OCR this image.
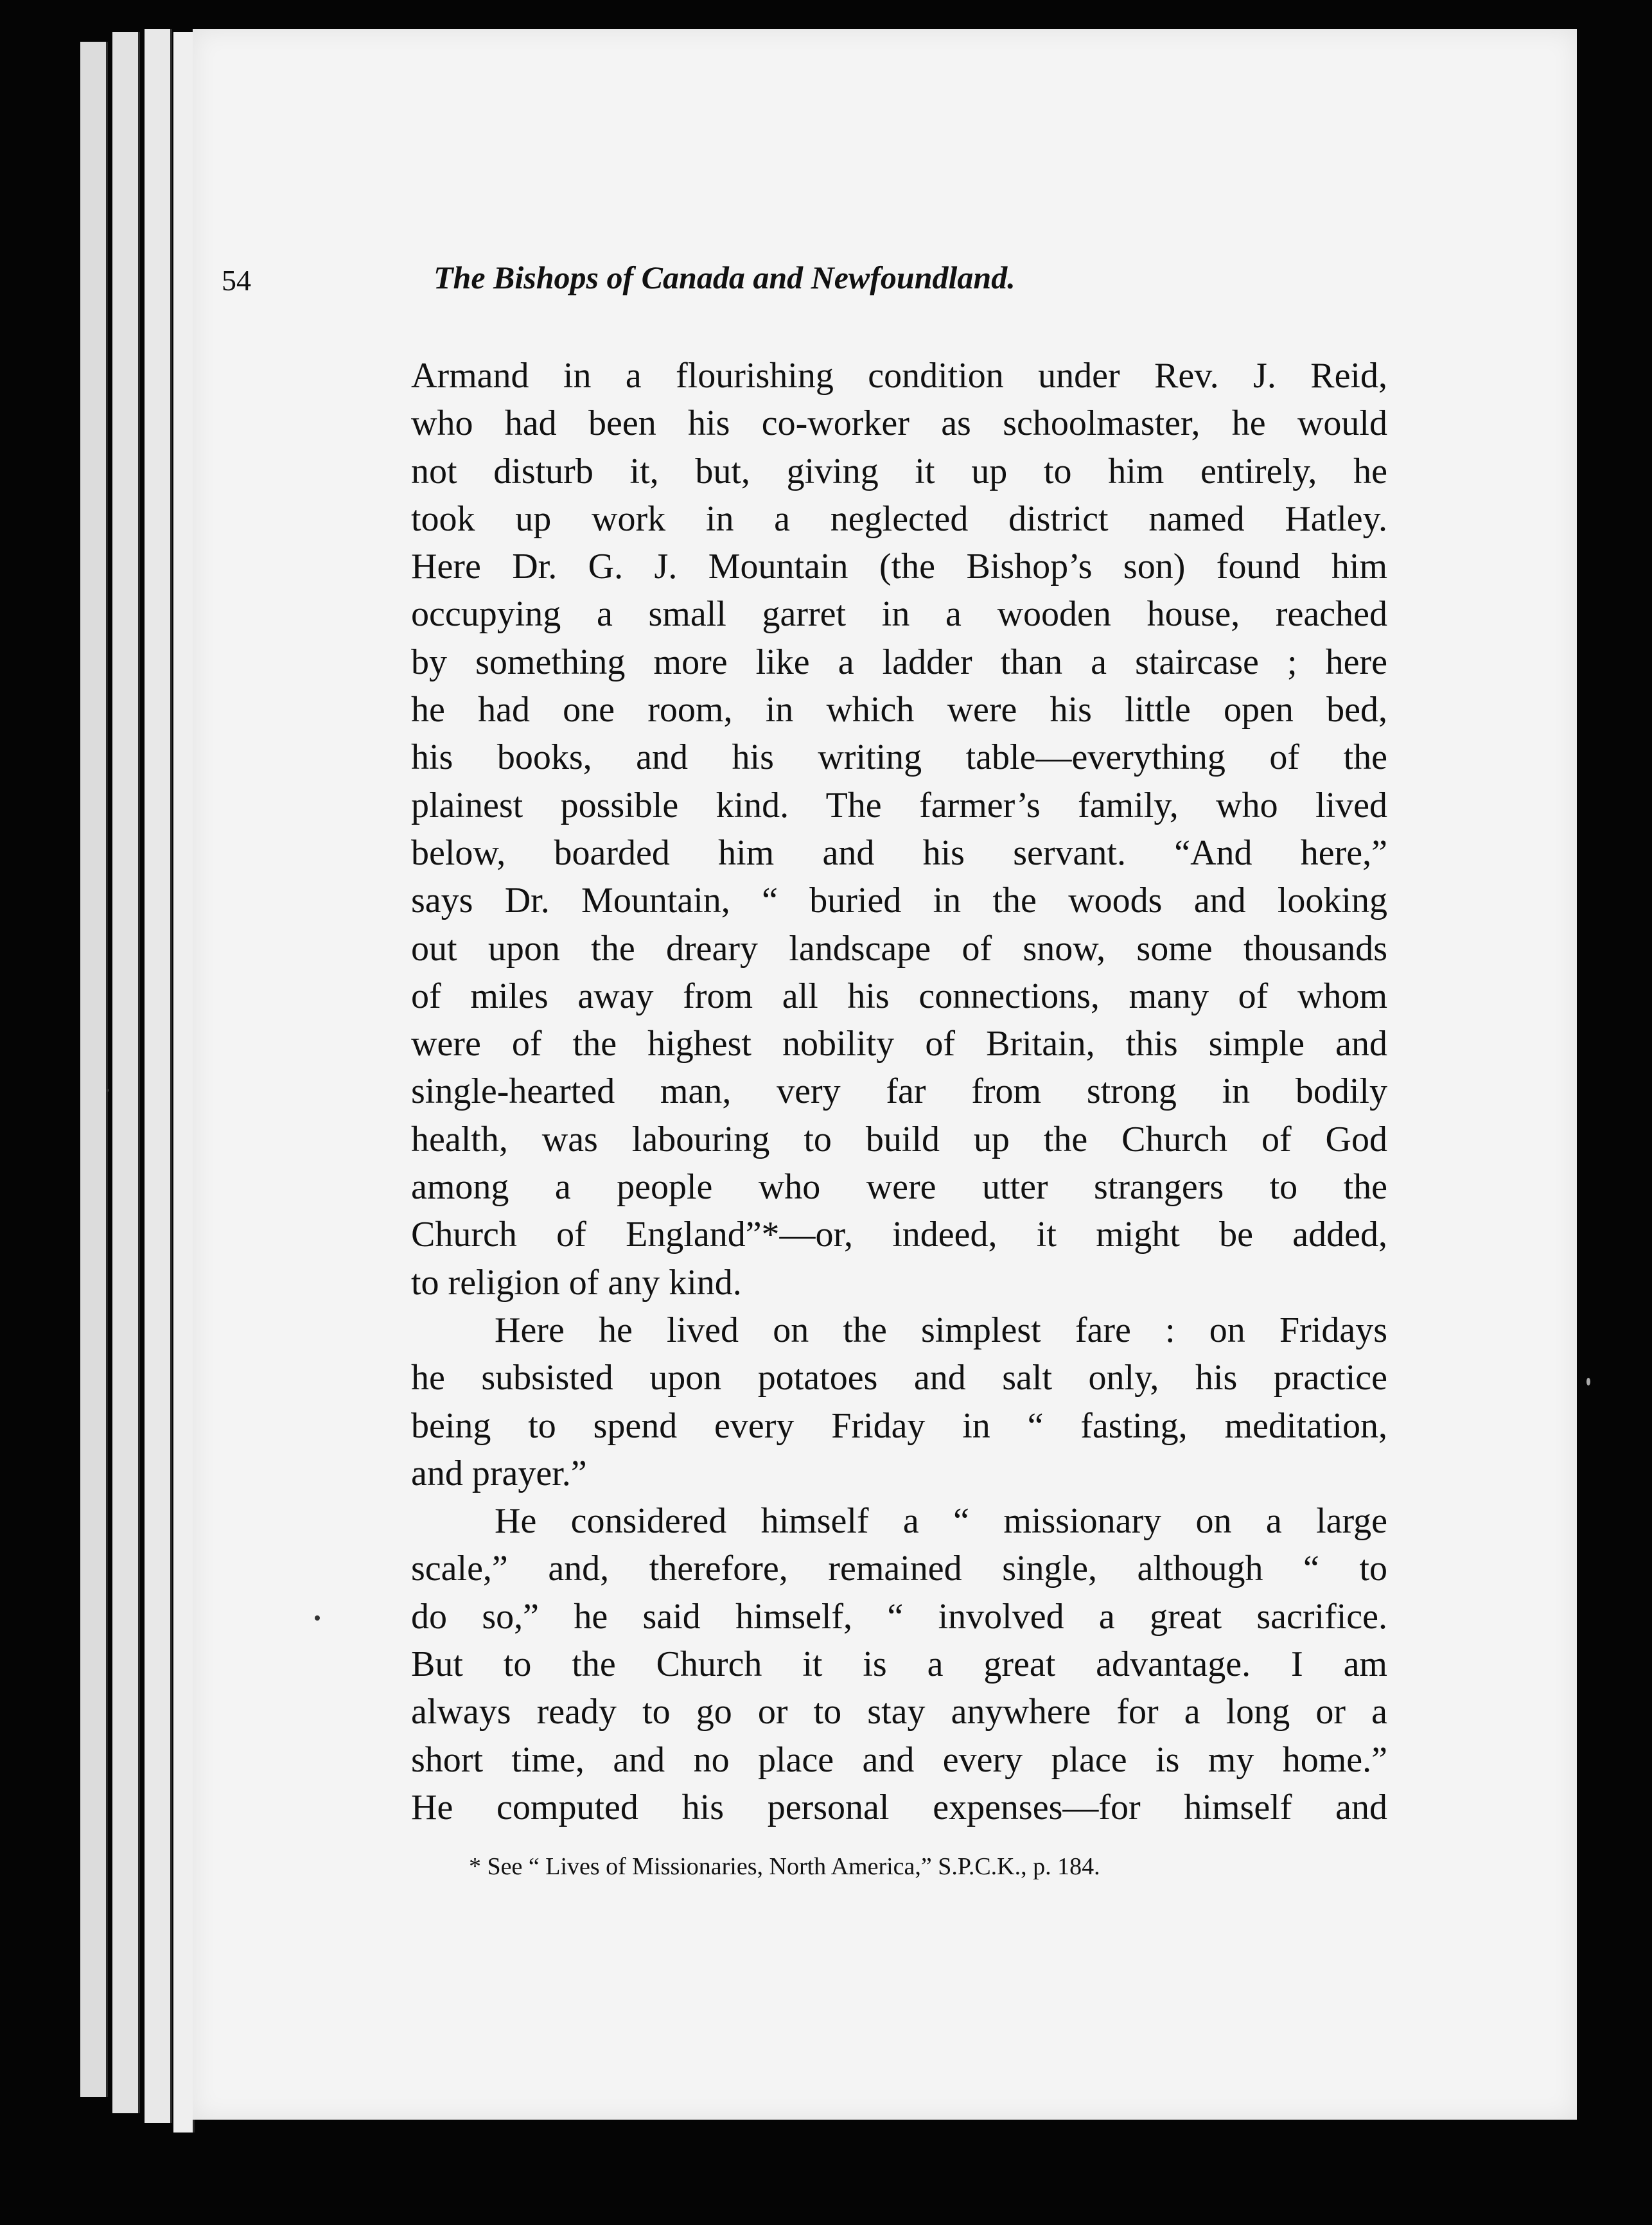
54	The Bishops of Canada and Newfoundland.
Armand in a flourishing condition under Rev. J. Reid,
who had been his co-worker as schoolmaster, he would
not disturb it, but, giving it up to him entirely, he
took up work in a neglected district named Hatley.
Here Dr. G. J. Mountain (the Bishop’s son) found him
occupying a small garret in a wooden house, reached
by something more like a ladder than a staircase ; here
he had one room, in which were his little open bed,
his books, and his writing table—everything of the
plainest possible kind. The farmer’s family, who lived
below, boarded him and his servant. “And here,”
says Dr. Mountain, “ buried in the woods and looking
out upon the dreary landscape of snow, some thousands
of miles away from all his connections, many of whom
were of the highest nobility of Britain, this simple and
single-hearted man, very far from strong in bodily
health, was labouring to build up the Church of God
among a people who were utter strangers to the
Church of England”*—or, indeed, it might be added,
to religion of any kind.
Here he lived on the simplest fare : on Fridays
he subsisted upon potatoes and salt only, his practice
being to spend every Friday in “ fasting, meditation,
and prayer.”
He considered himself a “ missionary on a large
scale,” and, therefore, remained single, although “ to
do so,” he said himself, “ involved a great sacrifice.
But to the Church it is a great advantage. I am
always ready to go or to stay anywhere for a long or a
short time, and no place and every place is my home.”
He computed his personal expenses—for himself and
* See “ Lives of Missionaries, North America,” S.P.C.K., p. 184.
